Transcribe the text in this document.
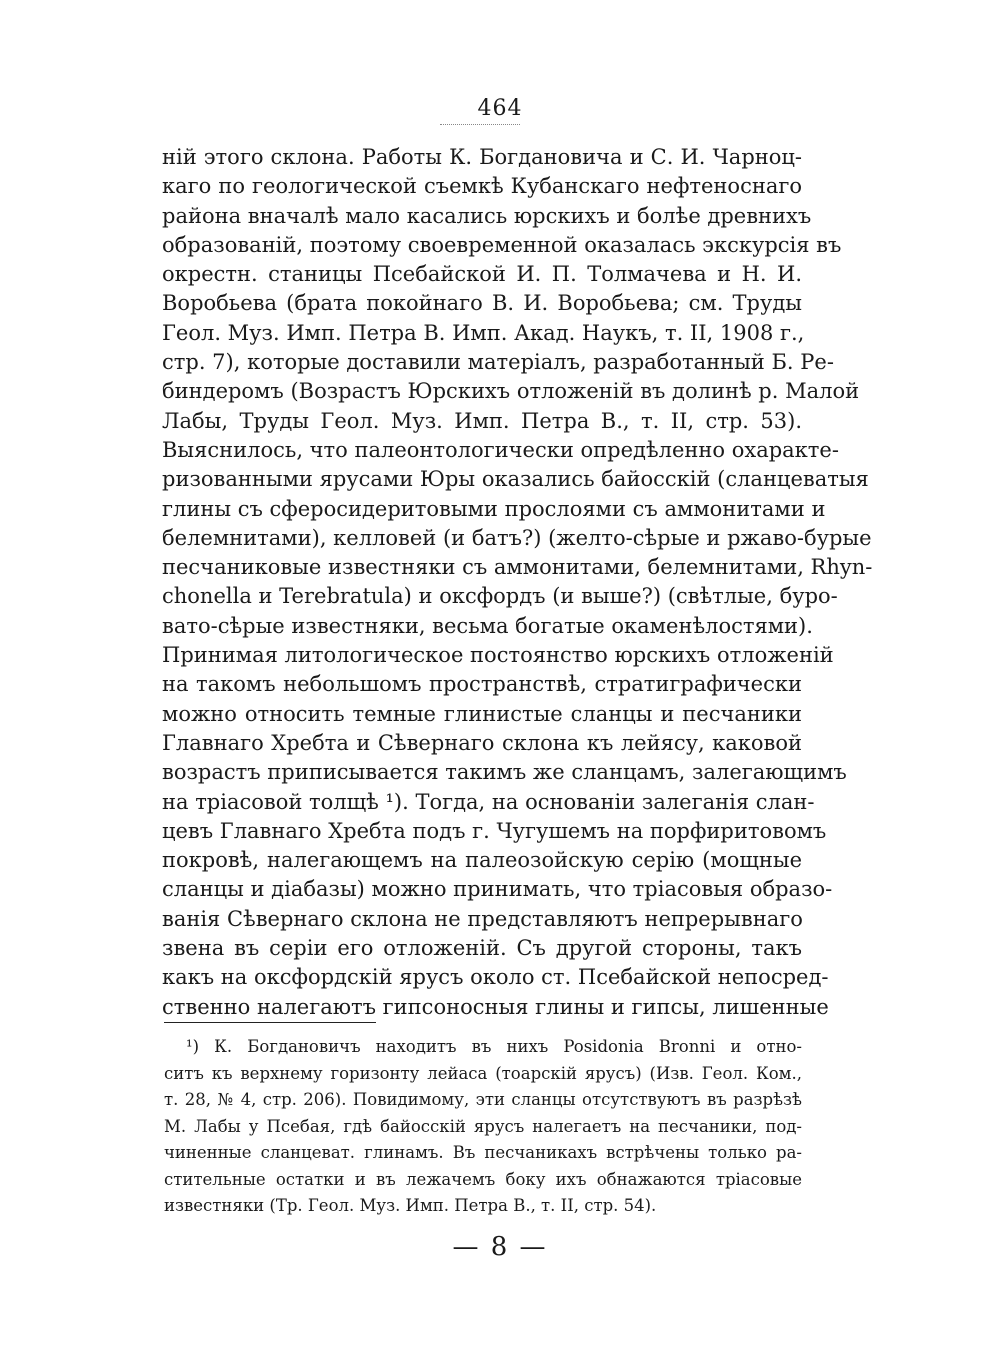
464
ній этого склона. Работы К. Богдановича и С. И. Чарноц-
каго по геологической съемкѣ Кубанскаго нефтеноснаго
района вначалѣ мало касались юрскихъ и болѣе древнихъ
образованій, поэтому своевременной оказалась экскурсія въ
окрестн. станицы Псебайской И. П. Толмачева и Н. И.
Воробьева (брата покойнаго В. И. Воробьева; см. Труды
Геол. Муз. Имп. Петра В. Имп. Акад. Наукъ, т. II, 1908 г.,
стр. 7), которые доставили матеріалъ, разработанный Б. Ре-
биндеромъ (Возрастъ Юрскихъ отложеній въ долинѣ р. Малой
Лабы, Труды Геол. Муз. Имп. Петра В., т. II, стр. 53).
Выяснилось, что палеонтологически опредѣленно охаракте-
ризованными ярусами Юры оказались байосскій (сланцеватыя
глины съ сферосидеритовыми прослоями съ аммонитами и
белемнитами), келловей (и батъ?) (желто-сѣрые и ржаво-бурые
песчаниковые известняки съ аммонитами, белемнитами, Rhyn-
chonella и Terebratula) и оксфордъ (и выше?) (свѣтлые, буро-
вато-сѣрые известняки, весьма богатые окаменѣлостями).
Принимая литологическое постоянство юрскихъ отложеній
на такомъ небольшомъ пространствѣ, стратиграфически
можно относить темные глинистые сланцы и песчаники
Главнаго Хребта и Сѣвернаго склона къ лейясу, каковой
возрастъ приписывается такимъ же сланцамъ, залегающимъ
на тріасовой толщѣ ¹). Тогда, на основаніи залеганія слан-
цевъ Главнаго Хребта подъ г. Чугушемъ на порфиритовомъ
покровѣ, налегающемъ на палеозойскую серію (мощные
сланцы и діабазы) можно принимать, что тріасовыя образо-
ванія Сѣвернаго склона не представляютъ непрерывнаго
звена въ серіи его отложеній. Съ другой стороны, такъ
какъ на оксфордскій ярусъ около ст. Псебайской непосред-
ственно налегаютъ гипсоносныя глины и гипсы, лишенные
¹) К. Богдановичъ находитъ въ нихъ Posidonia Bronni и отно-
ситъ къ верхнему горизонту лейаса (тоарскій ярусъ) (Изв. Геол. Ком.,
т. 28, № 4, стр. 206). Повидимому, эти сланцы отсутствуютъ въ разрѣзѣ
М. Лабы у Псебая, гдѣ байосскій ярусъ налегаетъ на песчаники, под-
чиненные сланцеват. глинамъ. Въ песчаникахъ встрѣчены только ра-
стительные остатки и въ лежачемъ боку ихъ обнажаются тріасовые
известняки (Тр. Геол. Муз. Имп. Петра В., т. II, стр. 54).
— 8 —
